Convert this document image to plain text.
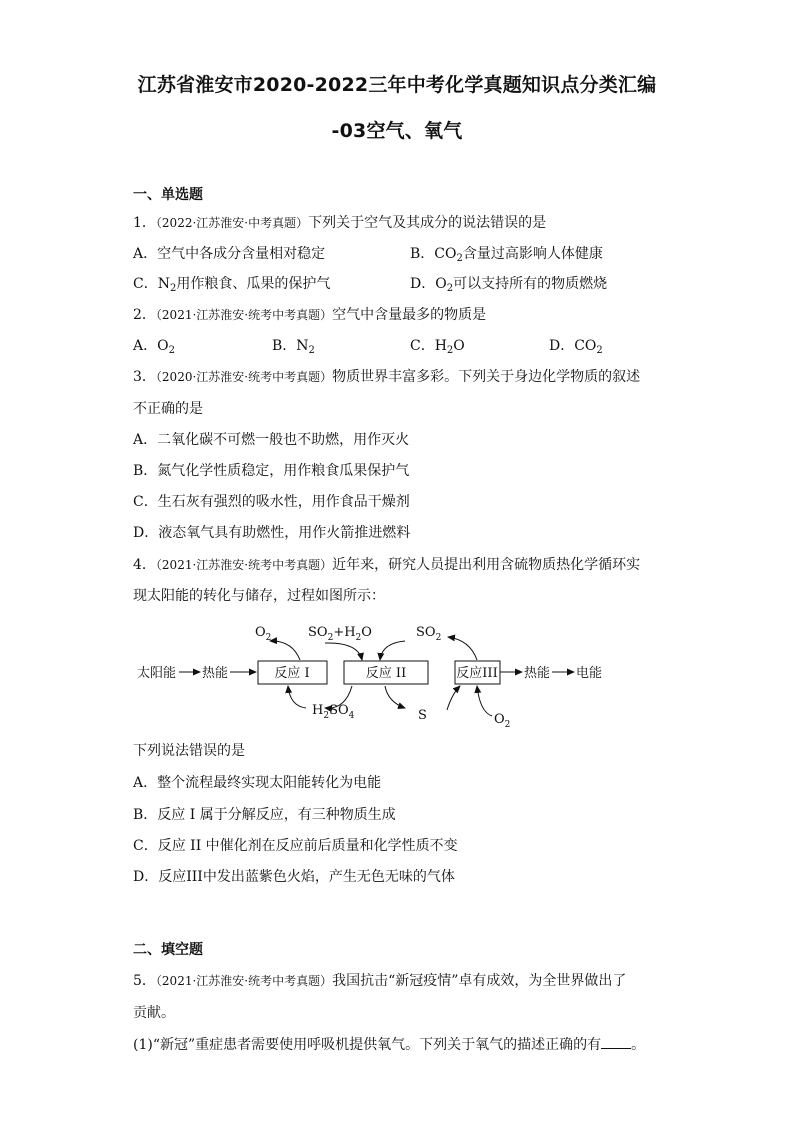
江苏省淮安市2020-2022三年中考化学真题知识点分类汇编
-03空气、氧气
一、单选题
1．（2022·江苏淮安·中考真题）下列关于空气及其成分的说法错误的是
A．空气中各成分含量相对稳定	B．$CO_2$含量过高影响人体健康
C．$N_2$用作粮食、瓜果的保护气	D．$O_2$可以支持所有的物质燃烧
2．（2021·江苏淮安·统考中考真题）空气中含量最多的物质是
A．$O_2$	B．$N_2$	C．$H_2O$	D．$CO_2$
3．（2020·江苏淮安·统考中考真题）物质世界丰富多彩。下列关于身边化学物质的叙述
不正确的是
A．二氧化碳不可燃一般也不助燃，用作灭火
B．氮气化学性质稳定，用作粮食瓜果保护气
C．生石灰有强烈的吸水性，用作食品干燥剂
D．液态氧气具有助燃性，用作火箭推进燃料
4．（2021·江苏淮安·统考中考真题）近年来，研究人员提出利用含硫物质热化学循环实
现太阳能的转化与储存，过程如图所示：
$O_2$	$SO_2+H_2O$	$SO_2$
太阳能 热能	反应 I	反应 II	反应III 热能 电能
$H_2SO_4$	S	$O_2$
下列说法错误的是
A．整个流程最终实现太阳能转化为电能
B．反应 I 属于分解反应，有三种物质生成
C．反应 II 中催化剂在反应前后质量和化学性质不变
D．反应III中发出蓝紫色火焰，产生无色无味的气体
二、填空题
5．（2021·江苏淮安·统考中考真题）我国抗击“新冠疫情”卓有成效，为全世界做出了
贡献。
(1)“新冠”重症患者需要使用呼吸机提供氧气。下列关于氧气的描述正确的有 。
